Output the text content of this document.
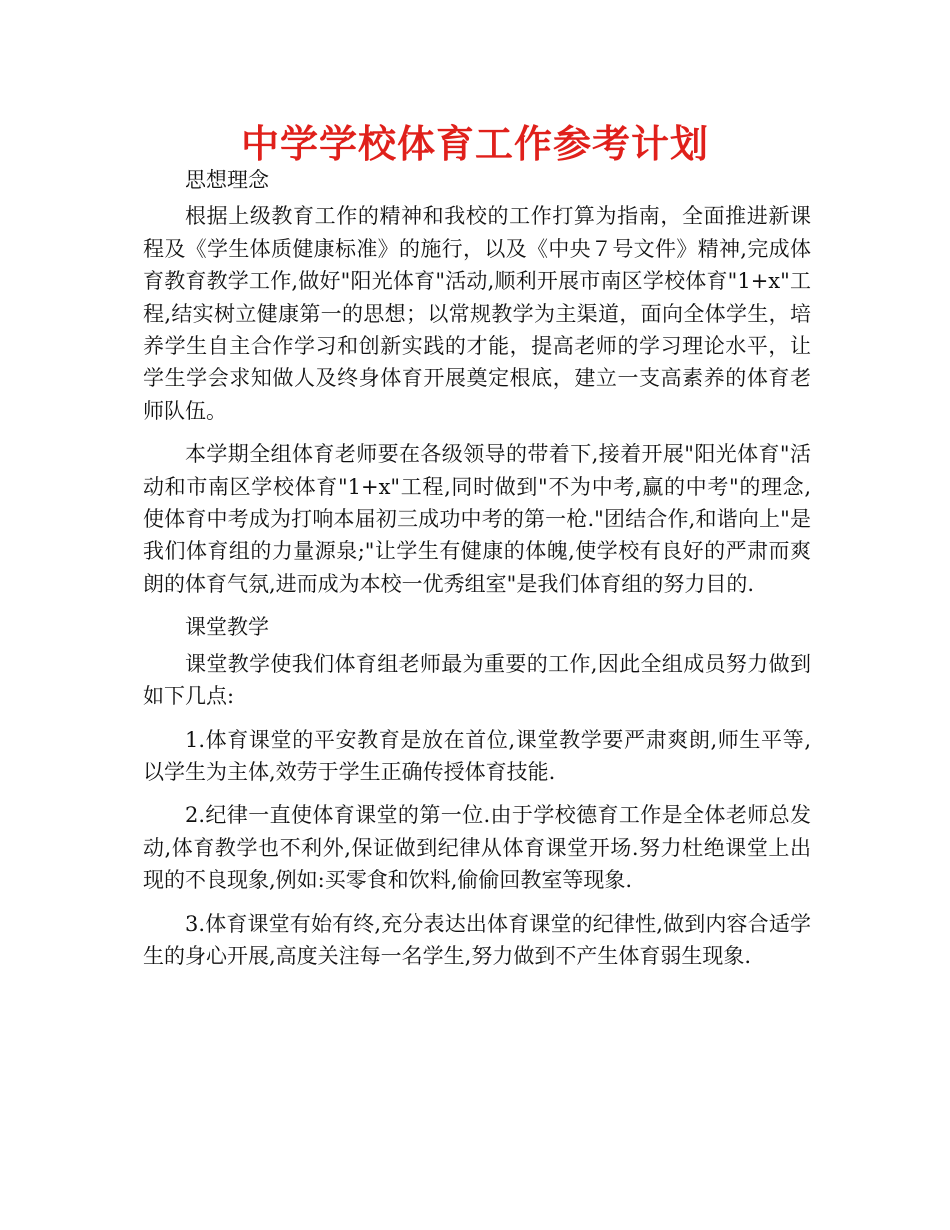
中学学校体育工作参考计划

思想理念

根据上级教育工作的精神和我校的工作打算为指南，全面推进新课程及《学生体质健康标准》的施行，以及《中央７号文件》精神,完成体育教育教学工作,做好"阳光体育"活动,顺利开展市南区学校体育"1+x"工程,结实树立健康第一的思想；以常规教学为主渠道，面向全体学生，培养学生自主合作学习和创新实践的才能，提高老师的学习理论水平，让学生学会求知做人及终身体育开展奠定根底，建立一支高素养的体育老师队伍。

本学期全组体育老师要在各级领导的带着下,接着开展"阳光体育"活动和市南区学校体育"1+x"工程,同时做到"不为中考,赢的中考"的理念,使体育中考成为打响本届初三成功中考的第一枪."团结合作,和谐向上"是我们体育组的力量源泉;"让学生有健康的体魄,使学校有良好的严肃而爽朗的体育气氛,进而成为本校一优秀组室"是我们体育组的努力目的.

课堂教学

课堂教学使我们体育组老师最为重要的工作,因此全组成员努力做到如下几点:

1.体育课堂的平安教育是放在首位,课堂教学要严肃爽朗,师生平等,以学生为主体,效劳于学生正确传授体育技能.

2.纪律一直使体育课堂的第一位.由于学校德育工作是全体老师总发动,体育教学也不利外,保证做到纪律从体育课堂开场.努力杜绝课堂上出现的不良现象,例如:买零食和饮料,偷偷回教室等现象.

3.体育课堂有始有终,充分表达出体育课堂的纪律性,做到内容合适学生的身心开展,高度关注每一名学生,努力做到不产生体育弱生现象.
